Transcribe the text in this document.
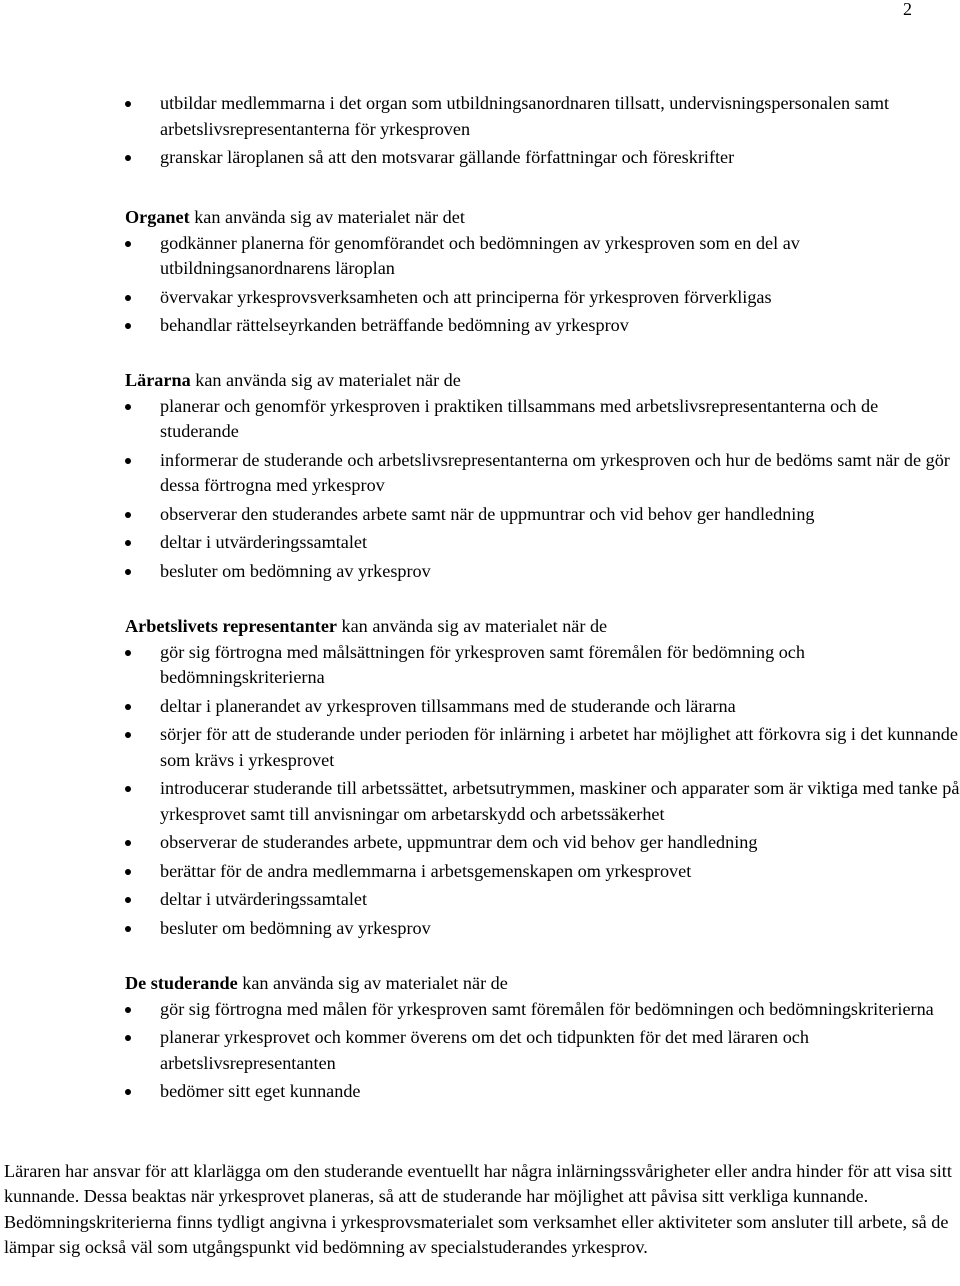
2
utbildar medlemmarna i det organ som utbildningsanordnaren tillsatt, undervisningspersonalen samt arbetslivsrepresentanterna för yrkesproven
granskar läroplanen så att den motsvarar gällande författningar och föreskrifter

Organet kan använda sig av materialet när det

godkänner planerna för genomförandet och bedömningen av yrkesproven som en del av utbildningsanordnarens läroplan
övervakar yrkesprovsverksamheten och att principerna för yrkesproven förverkligas
behandlar rättelseyrkanden beträffande bedömning av yrkesprov

Lärarna kan använda sig av materialet när de

planerar och genomför yrkesproven i praktiken tillsammans med arbetslivsrepresentanterna och de studerande
informerar de studerande och arbetslivsrepresentanterna om yrkesproven och hur de bedöms samt när de gör dessa förtrogna med yrkesprov
observerar den studerandes arbete samt när de uppmuntrar och vid behov ger handledning
deltar i utvärderingssamtalet
besluter om bedömning av yrkesprov

Arbetslivets representanter kan använda sig av materialet när de

gör sig förtrogna med målsättningen för yrkesproven samt föremålen för bedömning och bedömningskriterierna
deltar i planerandet av yrkesproven tillsammans med de studerande och lärarna
sörjer för att de studerande under perioden för inlärning i arbetet har möjlighet att förkovra sig i det kunnande som krävs i yrkesprovet
introducerar studerande till arbetssättet, arbetsutrymmen, maskiner och apparater som är viktiga med tanke på yrkesprovet samt till anvisningar om arbetarskydd och arbetssäkerhet
observerar de studerandes arbete, uppmuntrar dem och vid behov ger handledning
berättar för de andra medlemmarna i arbetsgemenskapen om yrkesprovet
deltar i utvärderingssamtalet
besluter om bedömning av yrkesprov

De studerande kan använda sig av materialet när de

gör sig förtrogna med målen för yrkesproven samt föremålen för bedömningen och bedömningskriterierna
planerar yrkesprovet och kommer överens om det och tidpunkten för det med läraren och arbetslivsrepresentanten
bedömer sitt eget kunnande

Läraren har ansvar för att klarlägga om den studerande eventuellt har några inlärningssvårigheter eller andra hinder för att visa sitt kunnande. Dessa beaktas när yrkesprovet planeras, så att de studerande har möjlighet att påvisa sitt verkliga kunnande. Bedömningskriterierna finns tydligt angivna i yrkesprovsmaterialet som verksamhet eller aktiviteter som ansluter till arbete, så de lämpar sig också väl som utgångspunkt vid bedömning av specialstuderandes yrkesprov.
